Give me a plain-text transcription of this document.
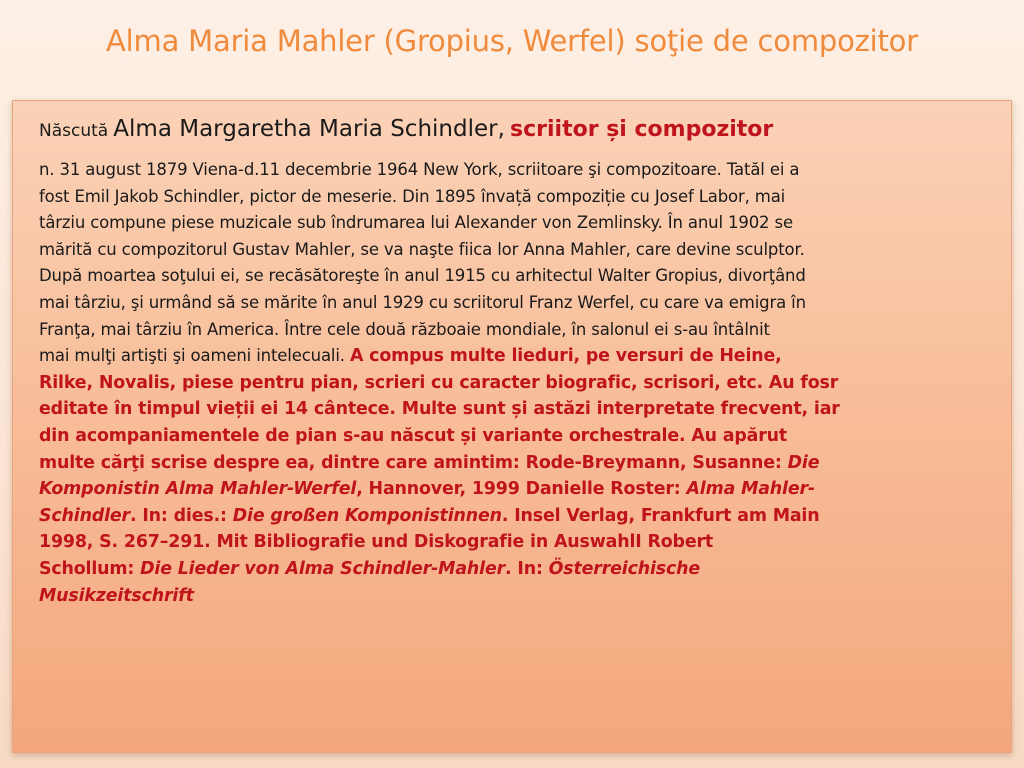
Alma Maria Mahler (Gropius, Werfel) soţie de compozitor
Născută Alma Margaretha Maria Schindler, scriitor și compozitor
n. 31 august 1879 Viena-d.11 decembrie 1964 New York, scriitoare şi compozitoare. Tatăl ei a
fost Emil Jakob Schindler, pictor de meserie. Din 1895 învață compoziție cu Josef Labor, mai
târziu compune piese muzicale sub îndrumarea lui Alexander von Zemlinsky. În anul 1902 se
mărită cu compozitorul Gustav Mahler, se va naşte fiica lor Anna Mahler, care devine sculptor.
După moartea soţului ei, se recăsătoreşte în anul 1915 cu arhitectul Walter Gropius, divorţând
mai târziu, şi urmând să se mărite în anul 1929 cu scriitorul Franz Werfel, cu care va emigra în
Franţa, mai târziu în America. Între cele două războaie mondiale, în salonul ei s-au întâlnit
mai mulţi artişti şi oameni intelecuali. A compus multe lieduri, pe versuri de Heine,
Rilke, Novalis, piese pentru pian, scrieri cu caracter biografic, scrisori, etc. Au fosr
editate în timpul vieții ei 14 cântece. Multe sunt și astăzi interpretate frecvent, iar
din acompaniamentele de pian s-au născut și variante orchestrale. Au apărut
multe cărţi scrise despre ea, dintre care amintim: Rode-Breymann, Susanne: Die
Komponistin Alma Mahler-Werfel, Hannover, 1999 Danielle Roster: Alma Mahler-
Schindler. In: dies.: Die großen Komponistinnen. Insel Verlag, Frankfurt am Main
1998, S. 267–291. Mit Bibliografie und Diskografie in AuswahlI Robert
Schollum: Die Lieder von Alma Schindler-Mahler. In: Österreichische
Musikzeitschrift
